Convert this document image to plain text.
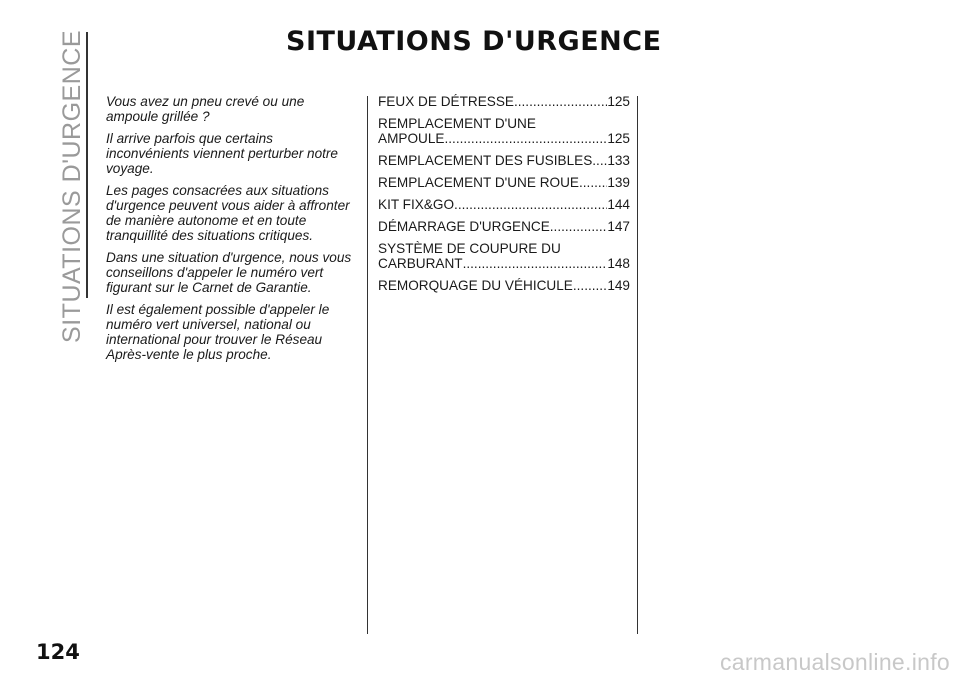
SITUATIONS D'URGENCE	SITUATIONS D'URGENCE

Vous avez un pneu crevé ou une ampoule grillée ?

Il arrive parfois que certains inconvénients viennent perturber notre voyage.

Les pages consacrées aux situations d'urgence peuvent vous aider à affronter de manière autonome et en toute tranquillité des situations critiques.

Dans une situation d'urgence, nous vous conseillons d'appeler le numéro vert figurant sur le Carnet de Garantie.

Il est également possible d'appeler le numéro vert universel, national ou international pour trouver le Réseau Après-vente le plus proche.

FEUX DE DÉTRESSE .....	125
REMPLACEMENT D'UNE
AMPOULE .....	125
REMPLACEMENT DES FUSIBLES ..... 133
REMPLACEMENT D'UNE ROUE ..... 139
KIT FIX&GO .....	144
DÉMARRAGE D'URGENCE .....	147
SYSTÈME DE COUPURE DU
CARBURANT .....	148
REMORQUAGE DU VÉHICULE .....	149
124	carmanualsonline.info
